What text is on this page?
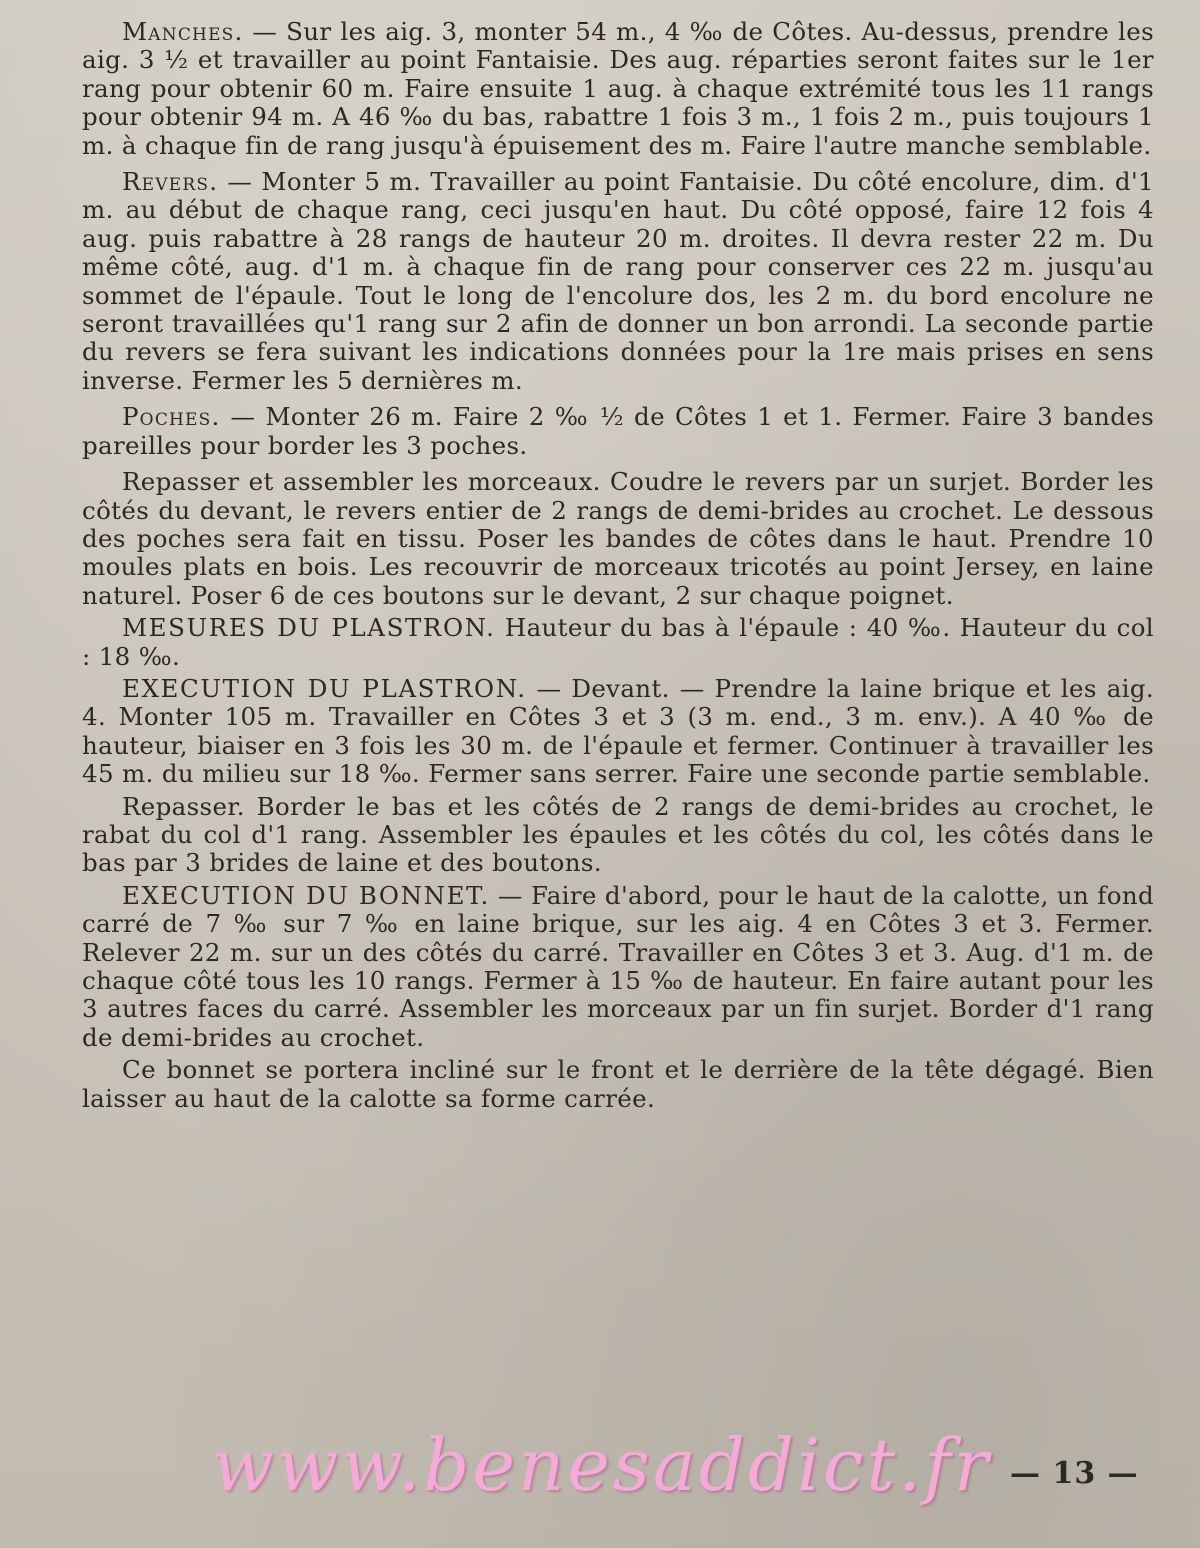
Manches. — Sur les aig. 3, monter 54 m., 4 ‰ de Côtes. Au-dessus, prendre les aig. 3 ½ et travailler au point Fantaisie. Des aug. réparties seront faites sur le 1er rang pour obtenir 60 m. Faire ensuite 1 aug. à chaque extrémité tous les 11 rangs pour obtenir 94 m. A 46 ‰ du bas, rabattre 1 fois 3 m., 1 fois 2 m., puis toujours 1 m. à chaque fin de rang jusqu'à épuisement des m. Faire l'autre manche semblable.

Revers. — Monter 5 m. Travailler au point Fantaisie. Du côté encolure, dim. d'1 m. au début de chaque rang, ceci jusqu'en haut. Du côté opposé, faire 12 fois 4 aug. puis rabattre à 28 rangs de hauteur 20 m. droites. Il devra rester 22 m. Du même côté, aug. d'1 m. à chaque fin de rang pour conserver ces 22 m. jusqu'au sommet de l'épaule. Tout le long de l'encolure dos, les 2 m. du bord encolure ne seront travaillées qu'1 rang sur 2 afin de donner un bon arrondi. La seconde partie du revers se fera suivant les indications données pour la 1re mais prises en sens inverse. Fermer les 5 dernières m.

Poches. — Monter 26 m. Faire 2 ‰ ½ de Côtes 1 et 1. Fermer. Faire 3 bandes pareilles pour border les 3 poches.

Repasser et assembler les morceaux. Coudre le revers par un surjet. Border les côtés du devant, le revers entier de 2 rangs de demi-brides au crochet. Le dessous des poches sera fait en tissu. Poser les bandes de côtes dans le haut. Prendre 10 moules plats en bois. Les recouvrir de morceaux tricotés au point Jersey, en laine naturel. Poser 6 de ces boutons sur le devant, 2 sur chaque poignet.

MESURES DU PLASTRON. Hauteur du bas à l'épaule : 40 ‰. Hauteur du col : 18 ‰.

EXECUTION DU PLASTRON. — Devant. — Prendre la laine brique et les aig. 4. Monter 105 m. Travailler en Côtes 3 et 3 (3 m. end., 3 m. env.). A 40 ‰ de hauteur, biaiser en 3 fois les 30 m. de l'épaule et fermer. Continuer à travailler les 45 m. du milieu sur 18 ‰. Fermer sans serrer. Faire une seconde partie semblable.

Repasser. Border le bas et les côtés de 2 rangs de demi-brides au crochet, le rabat du col d'1 rang. Assembler les épaules et les côtés du col, les côtés dans le bas par 3 brides de laine et des boutons.

EXECUTION DU BONNET. — Faire d'abord, pour le haut de la calotte, un fond carré de 7 ‰ sur 7 ‰ en laine brique, sur les aig. 4 en Côtes 3 et 3. Fermer. Relever 22 m. sur un des côtés du carré. Travailler en Côtes 3 et 3. Aug. d'1 m. de chaque côté tous les 10 rangs. Fermer à 15 ‰ de hauteur. En faire autant pour les 3 autres faces du carré. Assembler les morceaux par un fin surjet. Border d'1 rang de demi-brides au crochet.

Ce bonnet se portera incliné sur le front et le derrière de la tête dégagé. Bien laisser au haut de la calotte sa forme carrée.

www.benesaddict.fr — 13 —
